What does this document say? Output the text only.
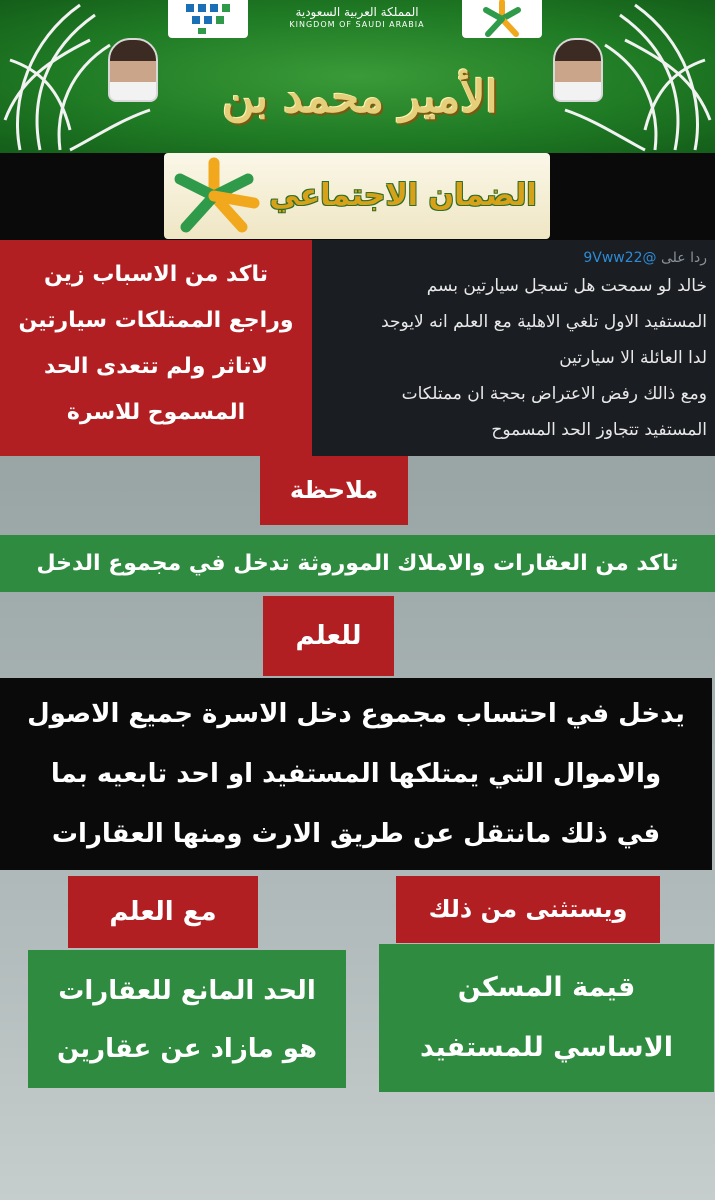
المملكة العربية السعودية
KINGDOM OF SAUDI ARABIA
الأمير محمد بن
الضمان الاجتماعي
ردا على @9Vww22
خالد لو سمحت هل تسجل سيارتين بسم
المستفيد الاول تلغي الاهلية مع العلم انه لايوجد
لدا العائلة الا سيارتين
ومع ذالك رفض الاعتراض بحجة ان ممتلكات
المستفيد تتجاوز الحد المسموح
تاكد من الاسباب زين
وراجع الممتلكات سيارتين
لاتاثر ولم تتعدى الحد
المسموح للاسرة
ملاحظة
تاكد من العقارات والاملاك الموروثة تدخل في مجموع الدخل
للعلم
يدخل في احتساب مجموع دخل الاسرة جميع الاصول
والاموال التي يمتلكها المستفيد او احد تابعيه بما
في ذلك مانتقل عن طريق الارث ومنها العقارات
مع العلم	ويستثنى من ذلك
الحد المانع للعقارات
هو مازاد عن عقارين
قيمة المسكن
الاساسي للمستفيد
